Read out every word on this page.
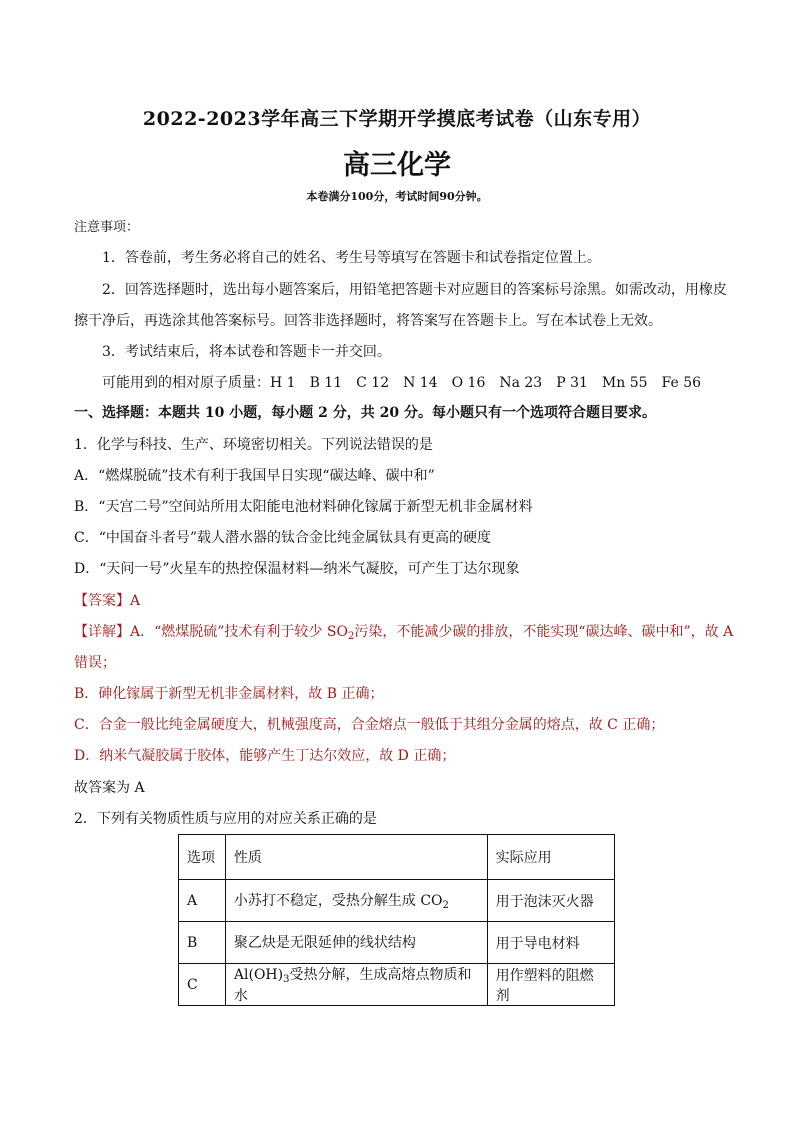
2022-2023学年高三下学期开学摸底考试卷（山东专用）
高三化学
本卷满分100分，考试时间90分钟。
注意事项：
1．答卷前，考生务必将自己的姓名、考生号等填写在答题卡和试卷指定位置上。
2．回答选择题时，选出每小题答案后，用铅笔把答题卡对应题目的答案标号涂黑。如需改动，用橡皮
擦干净后，再选涂其他答案标号。回答非选择题时，将答案写在答题卡上。写在本试卷上无效。
3．考试结束后，将本试卷和答题卡一并交回。
可能用到的相对原子质量：H 1　B 11　C 12　N 14　O 16　Na 23　P 31　Mn 55　Fe 56
一、选择题：本题共 10 小题，每小题 2 分，共 20 分。每小题只有一个选项符合题目要求。
1．化学与科技、生产、环境密切相关。下列说法错误的是
A．“燃煤脱硫”技术有利于我国早日实现“碳达峰、碳中和”
B．“天宫二号”空间站所用太阳能电池材料砷化镓属于新型无机非金属材料
C．“中国奋斗者号”载人潜水器的钛合金比纯金属钛具有更高的硬度
D．“天问一号”火星车的热控保温材料—纳米气凝胶，可产生丁达尔现象
【答案】A
【详解】A．“燃煤脱硫”技术有利于较少 $SO_2$污染，不能减少碳的排放，不能实现“碳达峰、碳中和”，故 A
错误；
B．砷化镓属于新型无机非金属材料，故 B 正确；
C．合金一般比纯金属硬度大，机械强度高，合金熔点一般低于其组分金属的熔点，故 C 正确；
D．纳米气凝胶属于胶体，能够产生丁达尔效应，故 D 正确；
故答案为 A
2．下列有关物质性质与应用的对应关系正确的是
选项	性质	实际应用
A	小苏打不稳定，受热分解生成 $CO_2$	用于泡沫灭火器
B	聚乙炔是无限延伸的线状结构	用于导电材料
C	$Al(OH)_3$受热分解，生成高熔点物质和水	用作塑料的阻燃剂
